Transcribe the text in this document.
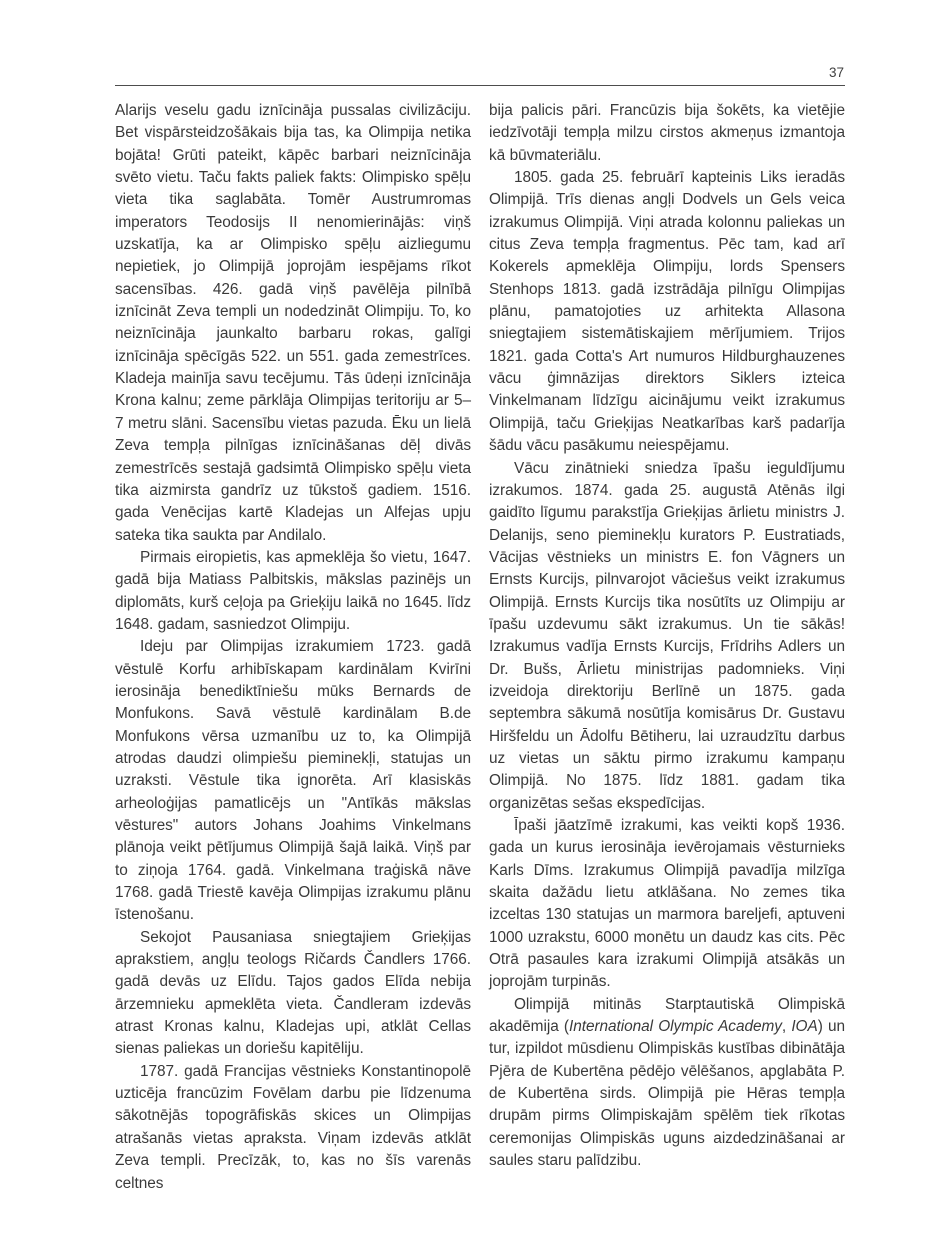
37

Alarijs veselu gadu iznīcināja pussalas civilizāciju. Bet vispārsteidzošākais bija tas, ka Olimpija netika bojāta! Grūti pateikt, kāpēc barbari neiznīcināja svēto vietu. Taču fakts paliek fakts: Olimpisko spēļu vieta tika saglabāta. Tomēr Austrumromas imperators Teodosijs II nenomierinājās: viņš uzskatīja, ka ar Olimpisko spēļu aizliegumu nepietiek, jo Olimpijā joprojām iespējams rīkot sacensības. 426. gadā viņš pavēlēja pilnībā iznīcināt Zeva templi un nodedzināt Olimpiju. To, ko neiznīcināja jaunkalto barbaru rokas, galīgi iznīcināja spēcīgās 522. un 551. gada zemestrīces. Kladeja mainīja savu tecējumu. Tās ūdeņi iznīcināja Krona kalnu; zeme pārklāja Olimpijas teritoriju ar 5–7 metru slāni. Sacensību vietas pazuda. Ēku un lielā Zeva tempļa pilnīgas iznīcināšanas dēļ divās zemestrīcēs sestajā gadsimtā Olimpisko spēļu vieta tika aizmirsta gandrīz uz tūkstoš gadiem. 1516. gada Venēcijas kartē Kladejas un Alfejas upju sateka tika saukta par Andilalo.

Pirmais eiropietis, kas apmeklēja šo vietu, 1647. gadā bija Matiass Palbitskis, mākslas pazinējs un diplomāts, kurš ceļoja pa Grieķiju laikā no 1645. līdz 1648. gadam, sasniedzot Olimpiju.

Ideju par Olimpijas izrakumiem 1723. gadā vēstulē Korfu arhibīskapam kardinālam Kvirīni ierosināja benediktīniešu mūks Bernards de Monfukons. Savā vēstulē kardinālam B.de Monfukons vērsa uzmanību uz to, ka Olimpijā atrodas daudzi olimpiešu pieminekļi, statujas un uzraksti. Vēstule tika ignorēta. Arī klasiskās arheoloģijas pamatlicējs un "Antīkās mākslas vēstures" autors Johans Joahims Vinkelmans plānoja veikt pētījumus Olimpijā šajā laikā. Viņš par to ziņoja 1764. gadā. Vinkelmana traģiskā nāve 1768. gadā Triestē kavēja Olimpijas izrakumu plānu īstenošanu.

Sekojot Pausaniasa sniegtajiem Grieķijas aprakstiem, angļu teologs Ričards Čandlers 1766. gadā devās uz Elīdu. Tajos gados Elīda nebija ārzemnieku apmeklēta vieta. Čandleram izdevās atrast Kronas kalnu, Kladejas upi, atklāt Cellas sienas paliekas un doriešu kapitēliju.

1787. gadā Francijas vēstnieks Konstantinopolē uzticēja francūzim Fovēlam darbu pie līdzenuma sākotnējās topogrāfiskās skices un Olimpijas atrašanās vietas apraksta. Viņam izdevās atklāt Zeva templi. Precīzāk, to, kas no šīs varenās celtnes

bija palicis pāri. Francūzis bija šokēts, ka vietējie iedzīvotāji tempļa milzu cirstos akmeņus izmantoja kā būvmateriālu.

1805. gada 25. februārī kapteinis Liks ieradās Olimpijā. Trīs dienas angļi Dodvels un Gels veica izrakumus Olimpijā. Viņi atrada kolonnu paliekas un citus Zeva tempļa fragmentus. Pēc tam, kad arī Kokerels apmeklēja Olimpiju, lords Spensers Stenhops 1813. gadā izstrādāja pilnīgu Olimpijas plānu, pamatojoties uz arhitekta Allasona sniegtajiem sistemātiskajiem mērījumiem. Trijos 1821. gada Cotta's Art numuros Hildburghauzenes vācu ģimnāzijas direktors Siklers izteica Vinkelmanam līdzīgu aicinājumu veikt izrakumus Olimpijā, taču Grieķijas Neatkarības karš padarīja šādu vācu pasākumu neiespējamu.

Vācu zinātnieki sniedza īpašu ieguldījumu izrakumos. 1874. gada 25. augustā Atēnās ilgi gaidīto līgumu parakstīja Grieķijas ārlietu ministrs J. Delanijs, seno pieminekļu kurators P. Eustratiads, Vācijas vēstnieks un ministrs E. fon Vāgners un Ernsts Kurcijs, pilnvarojot vāciešus veikt izrakumus Olimpijā. Ernsts Kurcijs tika nosūtīts uz Olimpiju ar īpašu uzdevumu sākt izrakumus. Un tie sākās! Izrakumus vadīja Ernsts Kurcijs, Frīdrihs Adlers un Dr. Bušs, Ārlietu ministrijas padomnieks. Viņi izveidoja direktoriju Berlīnē un 1875. gada septembra sākumā nosūtīja komisārus Dr. Gustavu Hiršfeldu un Ādolfu Bētiheru, lai uzraudzītu darbus uz vietas un sāktu pirmo izrakumu kampaņu Olimpijā. No 1875. līdz 1881. gadam tika organizētas sešas ekspedīcijas.

Īpaši jāatzīmē izrakumi, kas veikti kopš 1936. gada un kurus ierosināja ievērojamais vēsturnieks Karls Dīms. Izrakumus Olimpijā pavadīja milzīga skaita dažādu lietu atklāšana. No zemes tika izceltas 130 statujas un marmora bareljefi, aptuveni 1000 uzrakstu, 6000 monētu un daudz kas cits. Pēc Otrā pasaules kara izrakumi Olimpijā atsākās un joprojām turpinās.

Olimpijā mitinās Starptautiskā Olimpiskā akadēmija (International Olympic Academy, IOA) un tur, izpildot mūsdienu Olimpiskās kustības dibinātāja Pjēra de Kubertēna pēdējo vēlēšanos, apglabāta P. de Kubertēna sirds. Olimpijā pie Hēras tempļa drupām pirms Olimpiskajām spēlēm tiek rīkotas ceremonijas Olimpiskās uguns aizdedzināšanai ar saules staru palīdzibu.
